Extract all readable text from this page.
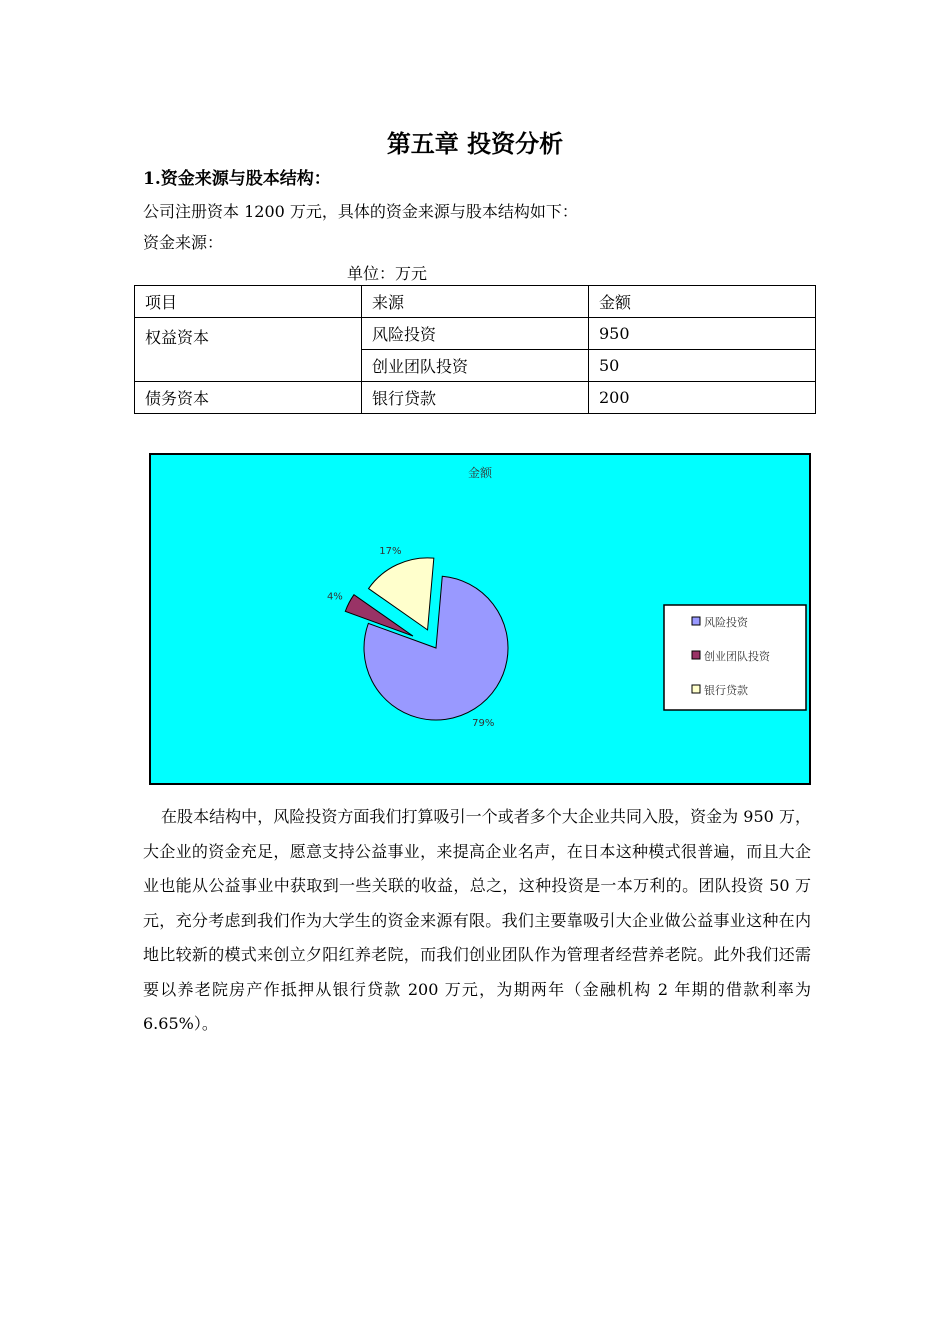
第五章 投资分析
1.资金来源与股本结构：
公司注册资本 1200 万元，具体的资金来源与股本结构如下：
资金来源：
单位：万元
项目	来源	金额
权益资本	风险投资	950
	创业团队投资	50
债务资本	银行贷款	200
金额
79%
4%
17%
风险投资
创业团队投资
银行贷款
在股本结构中，风险投资方面我们打算吸引一个或者多个大企业共同入股，资金为 950 万，大企业的资金充足，愿意支持公益事业，来提高企业名声，在日本这种模式很普遍，而且大企业也能从公益事业中获取到一些关联的收益，总之，这种投资是一本万利的。团队投资 50 万元，充分考虑到我们作为大学生的资金来源有限。我们主要靠吸引大企业做公益事业这种在内地比较新的模式来创立夕阳红养老院，而我们创业团队作为管理者经营养老院。此外我们还需要以养老院房产作抵押从银行贷款 200 万元，为期两年（金融机构 2 年期的借款利率为 6.65%）。
